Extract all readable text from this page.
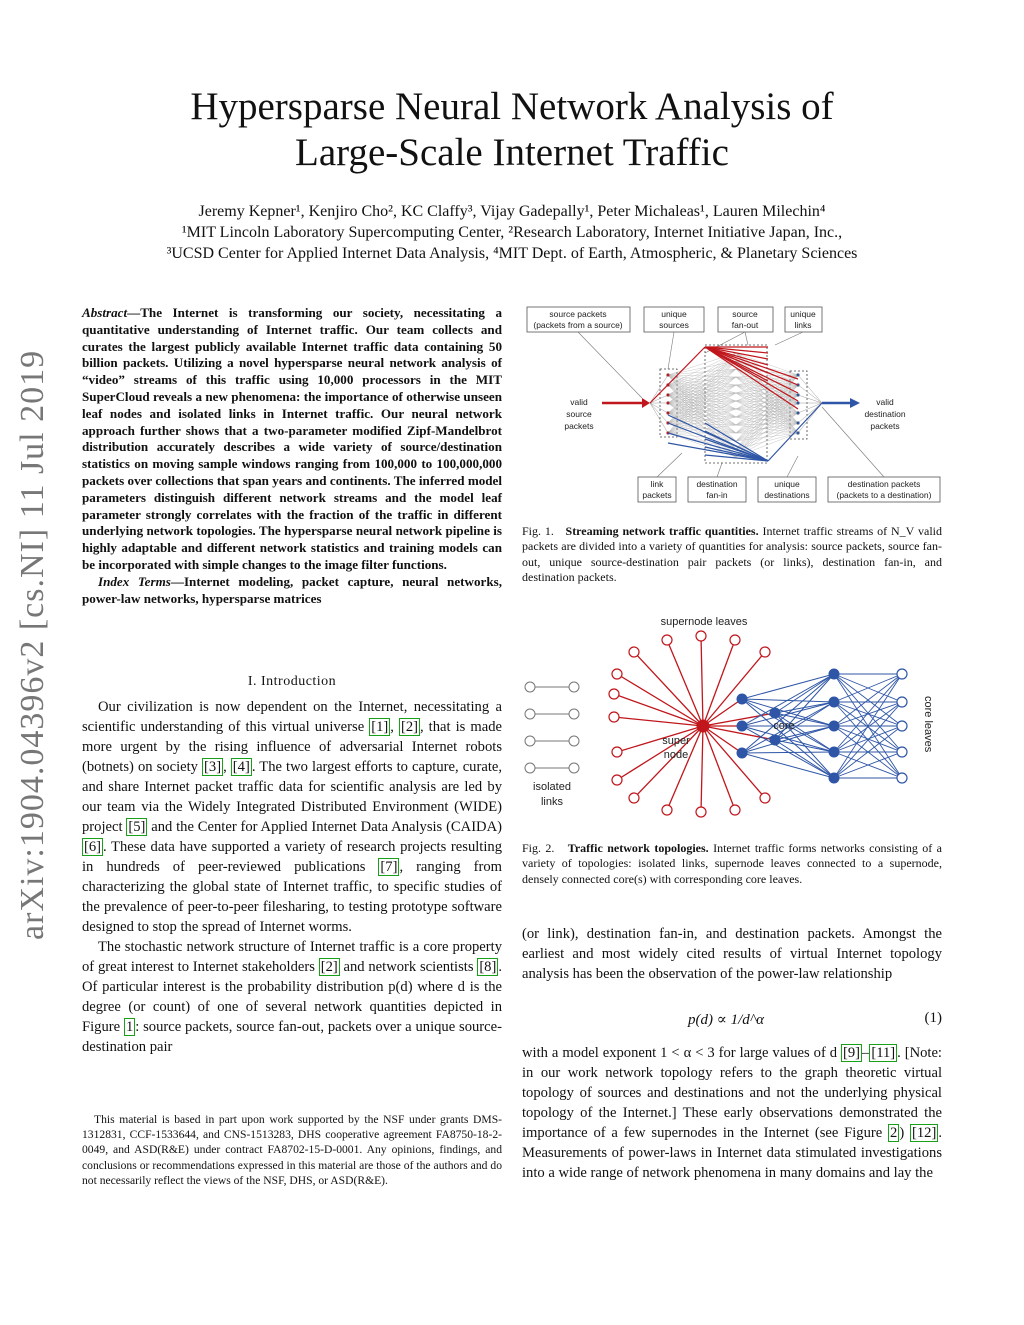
Hypersparse Neural Network Analysis of
Large-Scale Internet Traffic
Jeremy Kepner¹, Kenjiro Cho², KC Claffy³, Vijay Gadepally¹, Peter Michaleas¹, Lauren Milechin⁴
¹MIT Lincoln Laboratory Supercomputing Center, ²Research Laboratory, Internet Initiative Japan, Inc.,
³UCSD Center for Applied Internet Data Analysis, ⁴MIT Dept. of Earth, Atmospheric, & Planetary Sciences
arXiv:1904.04396v2 [cs.NI] 11 Jul 2019
Abstract—The Internet is transforming our society, necessitating a quantitative understanding of Internet traffic. Our team collects and curates the largest publicly available Internet traffic data containing 50 billion packets. Utilizing a novel hypersparse neural network analysis of “video” streams of this traffic using 10,000 processors in the MIT SuperCloud reveals a new phenomena: the importance of otherwise unseen leaf nodes and isolated links in Internet traffic. Our neural network approach further shows that a two-parameter modified Zipf-Mandelbrot distribution accurately describes a wide variety of source/destination statistics on moving sample windows ranging from 100,000 to 100,000,000 packets over collections that span years and continents. The inferred model parameters distinguish different network streams and the model leaf parameter strongly correlates with the fraction of the traffic in different underlying network topologies. The hypersparse neural network pipeline is highly adaptable and different network statistics and training models can be incorporated with simple changes to the image filter functions.
Index Terms—Internet modeling, packet capture, neural networks, power-law networks, hypersparse matrices
I. Introduction

Our civilization is now dependent on the Internet, necessitating a scientific understanding of this virtual universe [1] , [2] , that is made more urgent by the rising influence of adversarial Internet robots (botnets) on society [3] , [4] . The two largest efforts to capture, curate, and share Internet packet traffic data for scientific analysis are led by our team via the Widely Integrated Distributed Environment (WIDE) project [5] and the Center for Applied Internet Data Analysis (CAIDA) [6] . These data have supported a variety of research projects resulting in hundreds of peer-reviewed publications [7] , ranging from characterizing the global state of Internet traffic, to specific studies of the prevalence of peer-to-peer filesharing, to testing prototype software designed to stop the spread of Internet worms.

The stochastic network structure of Internet traffic is a core property of great interest to Internet stakeholders [2] and network scientists [8] . Of particular interest is the probability distribution p(d) where d is the degree (or count) of one of several network quantities depicted in Figure 1 : source packets, source fan-out, packets over a unique source-destination pair

This material is based in part upon work supported by the NSF under grants DMS-1312831, CCF-1533644, and CNS-1513283, DHS cooperative agreement FA8750-18-2-0049, and ASD(R&E) under contract FA8702-15-D-0001. Any opinions, findings, and conclusions or recommendations expressed in this material are those of the authors and do not necessarily reflect the views of the NSF, DHS, or ASD(R&E).
source packets
(packets from a source)
unique
sources
source
fan-out
unique
links
valid
source
packets
valid
destination
packets
link
packets
destination
fan-in
unique
destinations
destination packets
(packets to a destination)
Fig. 1. Streaming network traffic quantities. Internet traffic streams of N_V valid packets are divided into a variety of quantities for analysis: source packets, source fan-out, unique source-destination pair packets (or links), destination fan-in, and destination packets.
supernode leaves
core
super
node
isolated
links
core leaves
Fig. 2. Traffic network topologies. Internet traffic forms networks consisting of a variety of topologies: isolated links, supernode leaves connected to a supernode, densely connected core(s) with corresponding core leaves.
(or link), destination fan-in, and destination packets. Amongst the earliest and most widely cited results of virtual Internet topology analysis has been the observation of the power-law relationship
p(d) ∝ 1/d^α	(1)
with a model exponent 1 < α < 3 for large values of d [9] – [11] . [Note: in our work network topology refers to the graph theoretic virtual topology of sources and destinations and not the underlying physical topology of the Internet.] These early observations demonstrated the importance of a few supernodes in the Internet (see Figure 2 ) [12] . Measurements of power-laws in Internet data stimulated investigations into a wide range of network phenomena in many domains and lay the
